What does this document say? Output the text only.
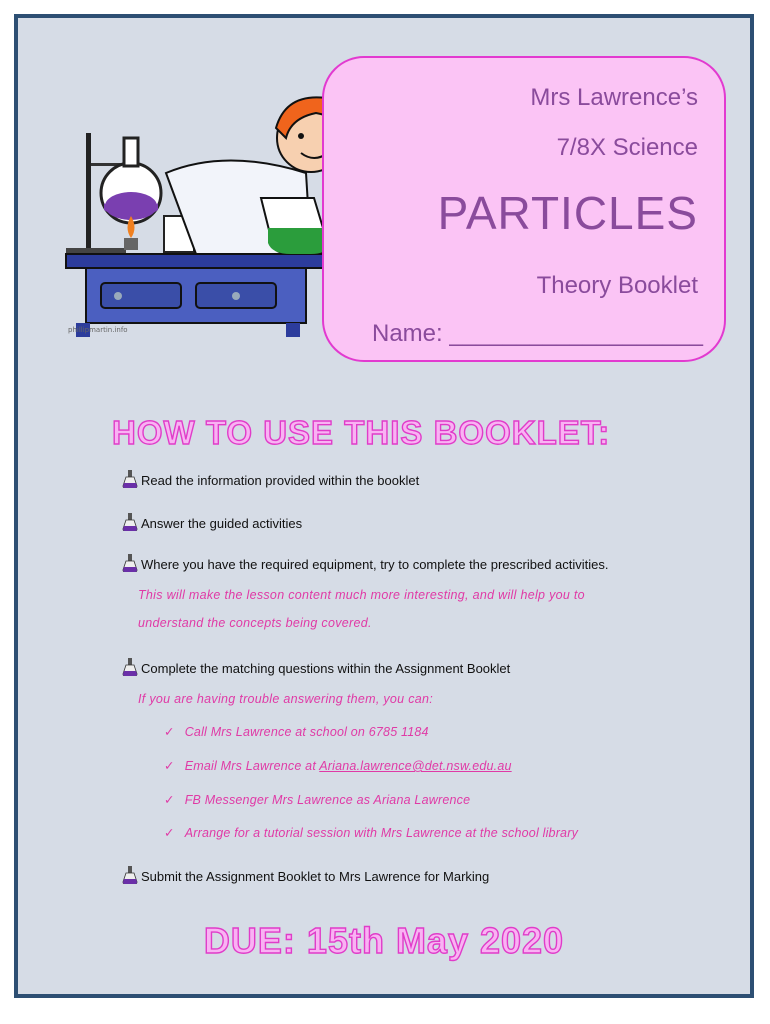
phillipmartin.info
Mrs Lawrence’s
7/8X Science
PARTICLES
Theory Booklet
Name: ___________________
HOW TO USE THIS BOOKLET:
Read the information provided within the booklet
Answer the guided activities
Where you have the required equipment, try to complete the prescribed activities.
This will make the lesson content much more interesting, and will help you to
understand the concepts being covered.
Complete the matching questions within the Assignment Booklet
If you are having trouble answering them, you can:
✓ Call Mrs Lawrence at school on 6785 1184
✓ Email Mrs Lawrence at Ariana.lawrence@det.nsw.edu.au
✓ FB Messenger Mrs Lawrence as Ariana Lawrence
✓ Arrange for a tutorial session with Mrs Lawrence at the school library
Submit the Assignment Booklet to Mrs Lawrence for Marking
DUE: 15th May 2020
